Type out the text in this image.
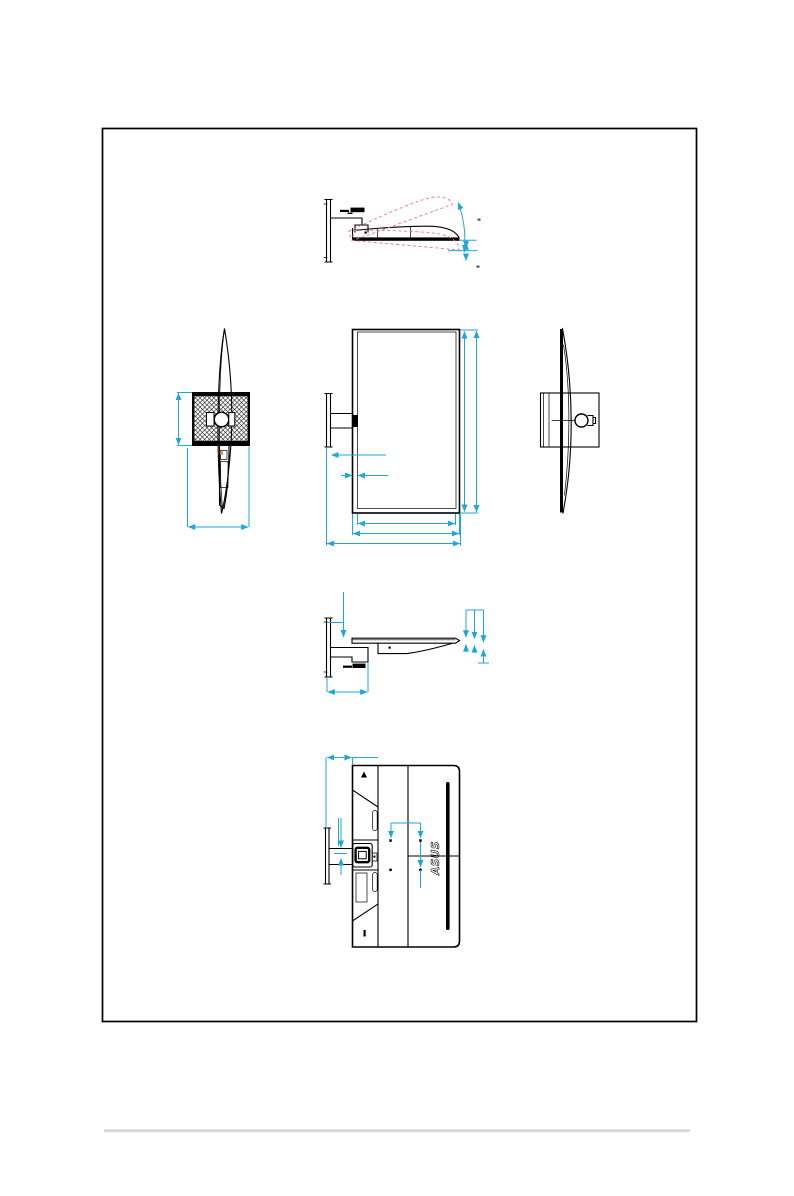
ASUS
